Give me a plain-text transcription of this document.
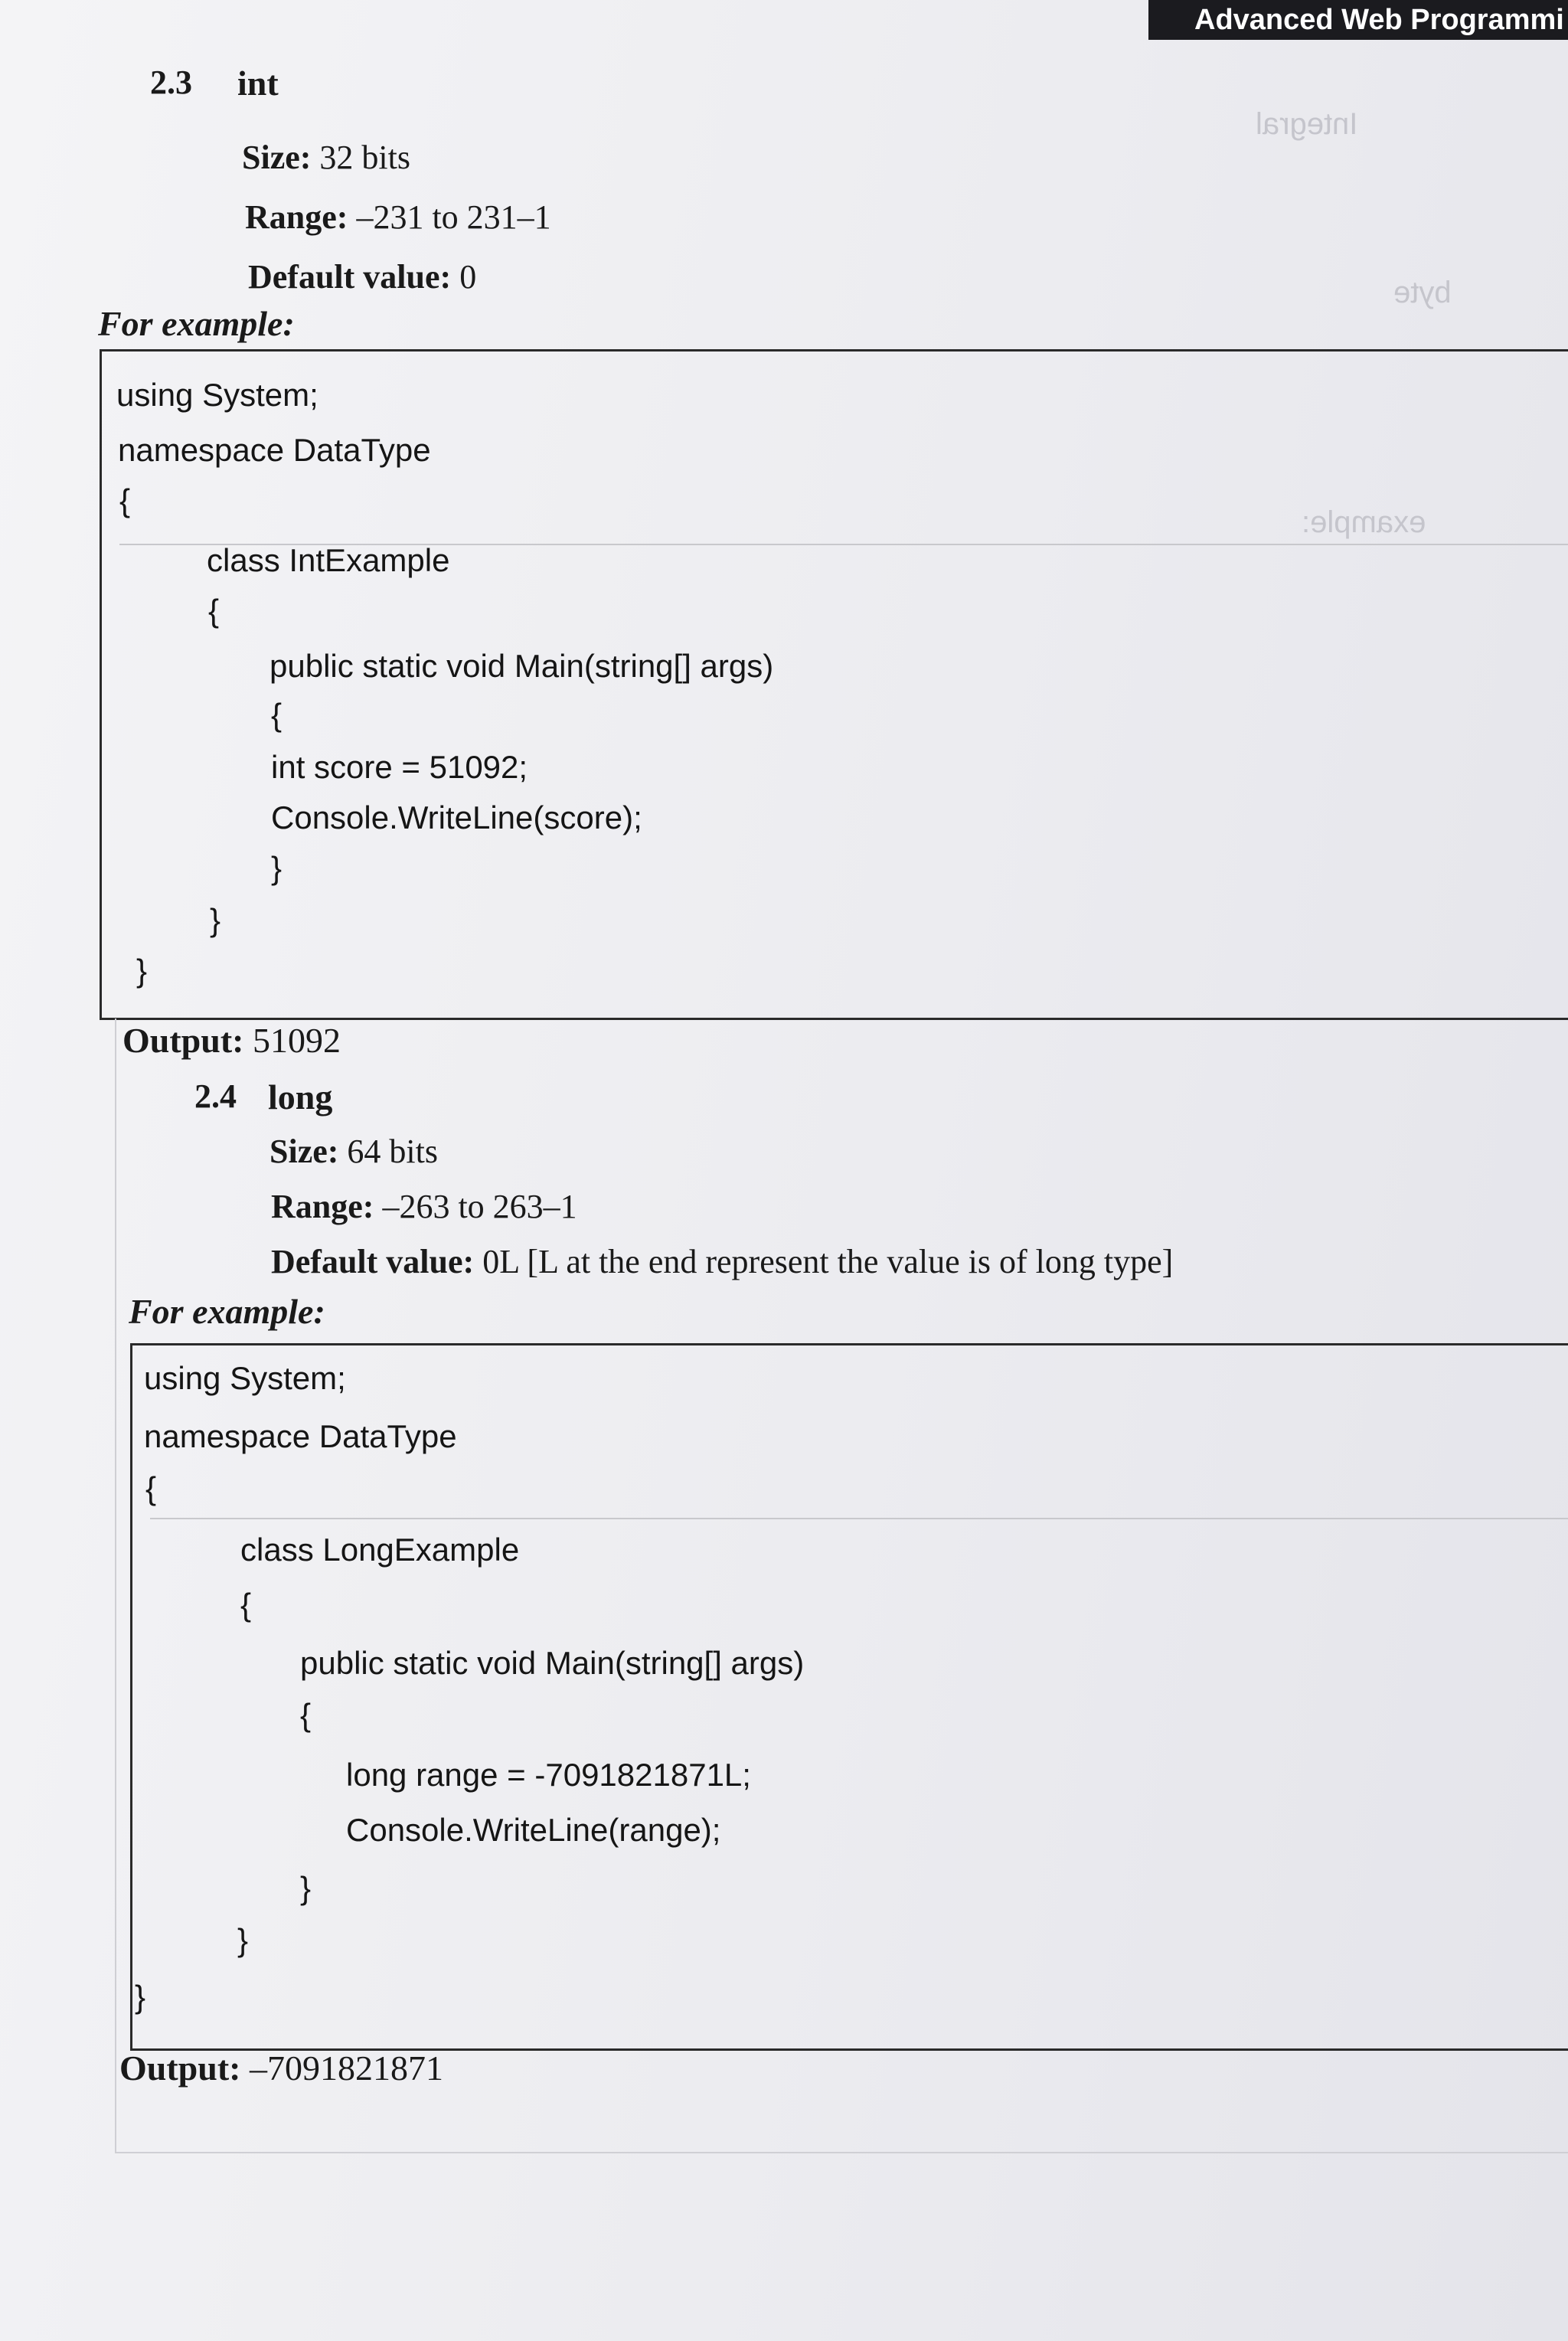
Integral
byte
example:
Advanced Web Programmi
2.3 int
Size: 32 bits
Range: –231 to 231–1
Default value: 0
For example:
using System;
namespace DataType
{
class IntExample
{
public static void Main(string[] args)
{
int score = 51092;
Console.WriteLine(score);
}
}
}
Output: 51092
2.4 long
Size: 64 bits
Range: –263 to 263–1
Default value: 0L [L at the end represent the value is of long type]
For example:
using System;
namespace DataType
{
class LongExample
{
public static void Main(string[] args)
{
long range = -7091821871L;
Console.WriteLine(range);
}
}
}
Output: –7091821871
